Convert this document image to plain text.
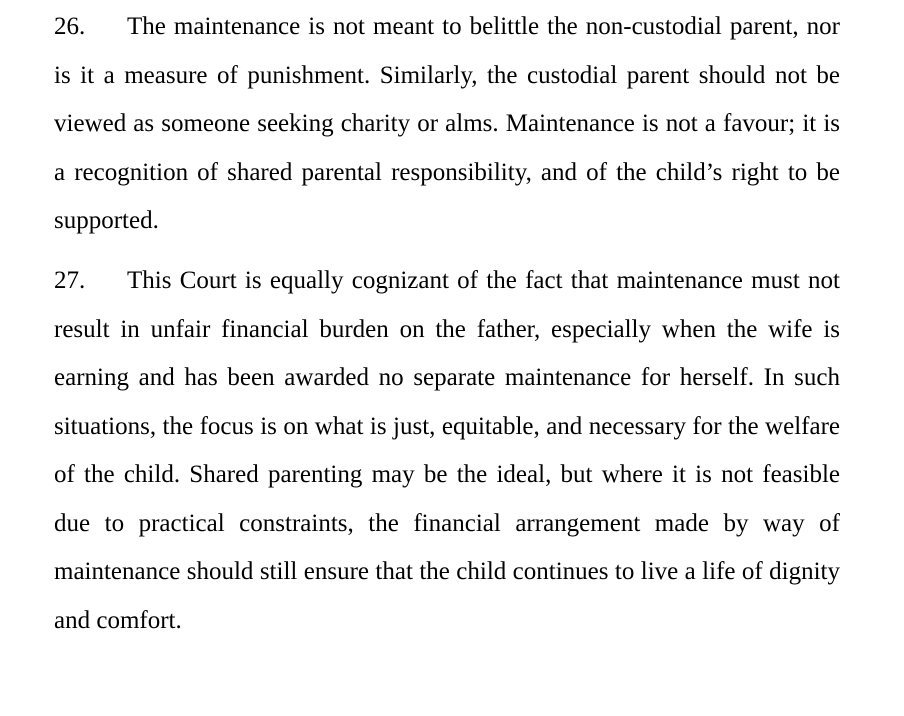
26. The maintenance is not meant to belittle the non-custodial parent, nor is it a measure of punishment. Similarly, the custodial parent should not be viewed as someone seeking charity or alms. Maintenance is not a favour; it is a recognition of shared parental responsibility, and of the child’s right to be supported.

27. This Court is equally cognizant of the fact that maintenance must not result in unfair financial burden on the father, especially when the wife is earning and has been awarded no separate maintenance for herself. In such situations, the focus is on what is just, equitable, and necessary for the welfare of the child. Shared parenting may be the ideal, but where it is not feasible due to practical constraints, the financial arrangement made by way of maintenance should still ensure that the child continues to live a life of dignity and comfort.
